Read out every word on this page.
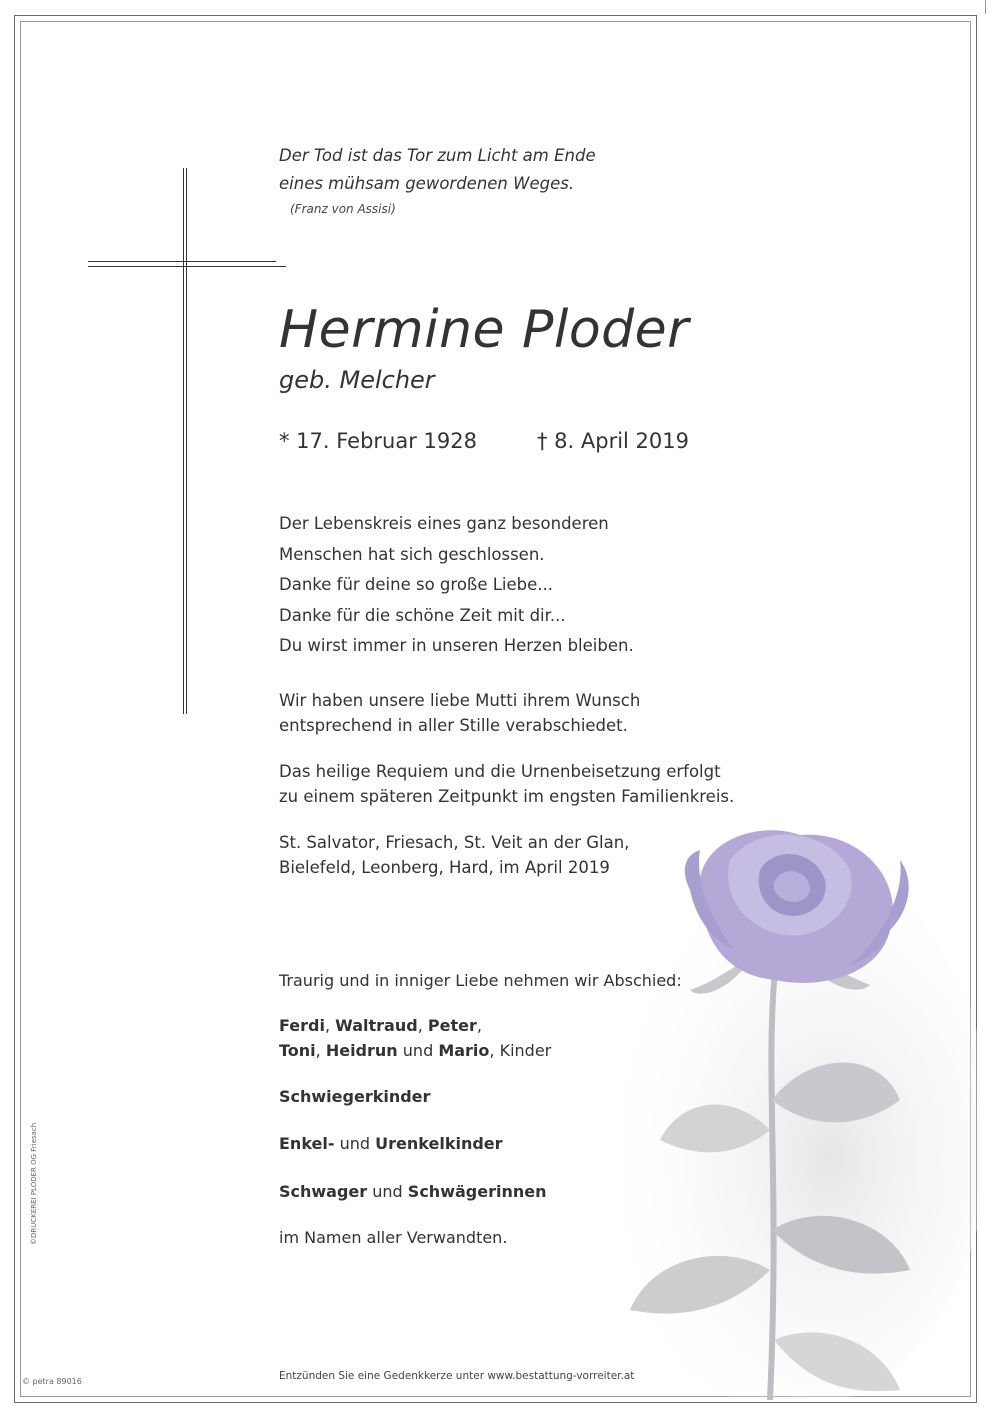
Der Tod ist das Tor zum Licht am Ende
eines mühsam gewordenen Weges.
(Franz von Assisi)
Hermine Ploder
geb. Melcher
* 17. Februar 1928	† 8. April 2019
Der Lebenskreis eines ganz besonderen
Menschen hat sich geschlossen.
Danke für deine so große Liebe...
Danke für die schöne Zeit mit dir...
Du wirst immer in unseren Herzen bleiben.
Wir haben unsere liebe Mutti ihrem Wunsch
entsprechend in aller Stille verabschiedet.
Das heilige Requiem und die Urnenbeisetzung erfolgt
zu einem späteren Zeitpunkt im engsten Familienkreis.
St. Salvator, Friesach, St. Veit an der Glan,
Bielefeld, Leonberg, Hard, im April 2019
Traurig und in inniger Liebe nehmen wir Abschied:
Ferdi, Waltraud, Peter,
Toni, Heidrun und Mario, Kinder
Schwiegerkinder
Enkel- und Urenkelkinder
Schwager und Schwägerinnen
im Namen aller Verwandten.
Entzünden Sie eine Gedenkkerze unter www.bestattung-vorreiter.at
©DRUCKEREI PLODER OG Friesach
© petra 89016
